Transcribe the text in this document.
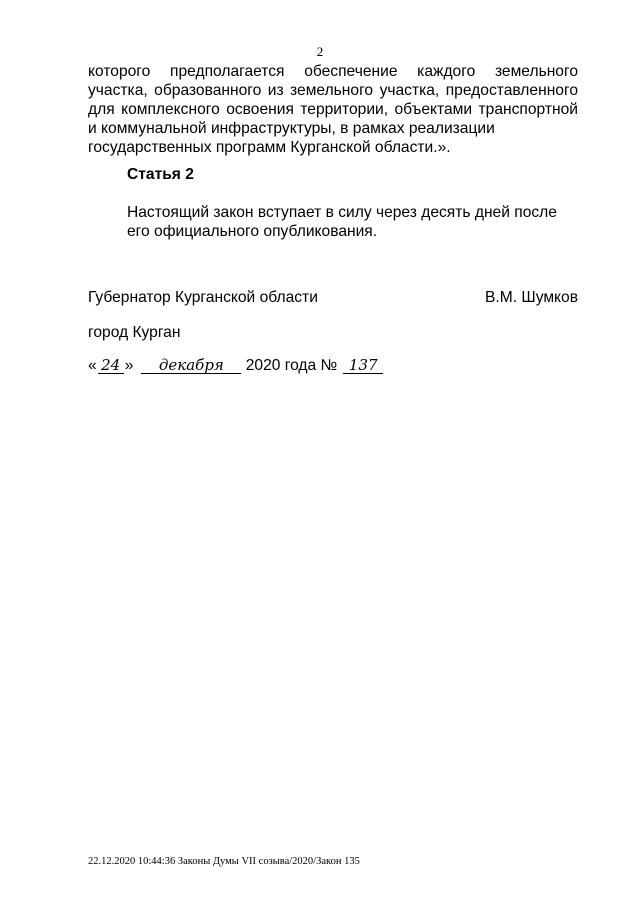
2
которого предполагается обеспечение каждого земельного участка, образованного из земельного участка, предоставленного для комплексного освоения территории, объектами транспортной и коммунальной инфраструктуры, в рамках реализации
государственных программ Курганской области.».
Статья 2
Настоящий закон вступает в силу через десять дней после
его официального опубликования.
Губернатор Курганской области	В.М. Шумков
город Курган
« 24 » декабря 2020 года № 137
22.12.2020 10:44:36 Законы Думы VII созыва/2020/Закон 135
